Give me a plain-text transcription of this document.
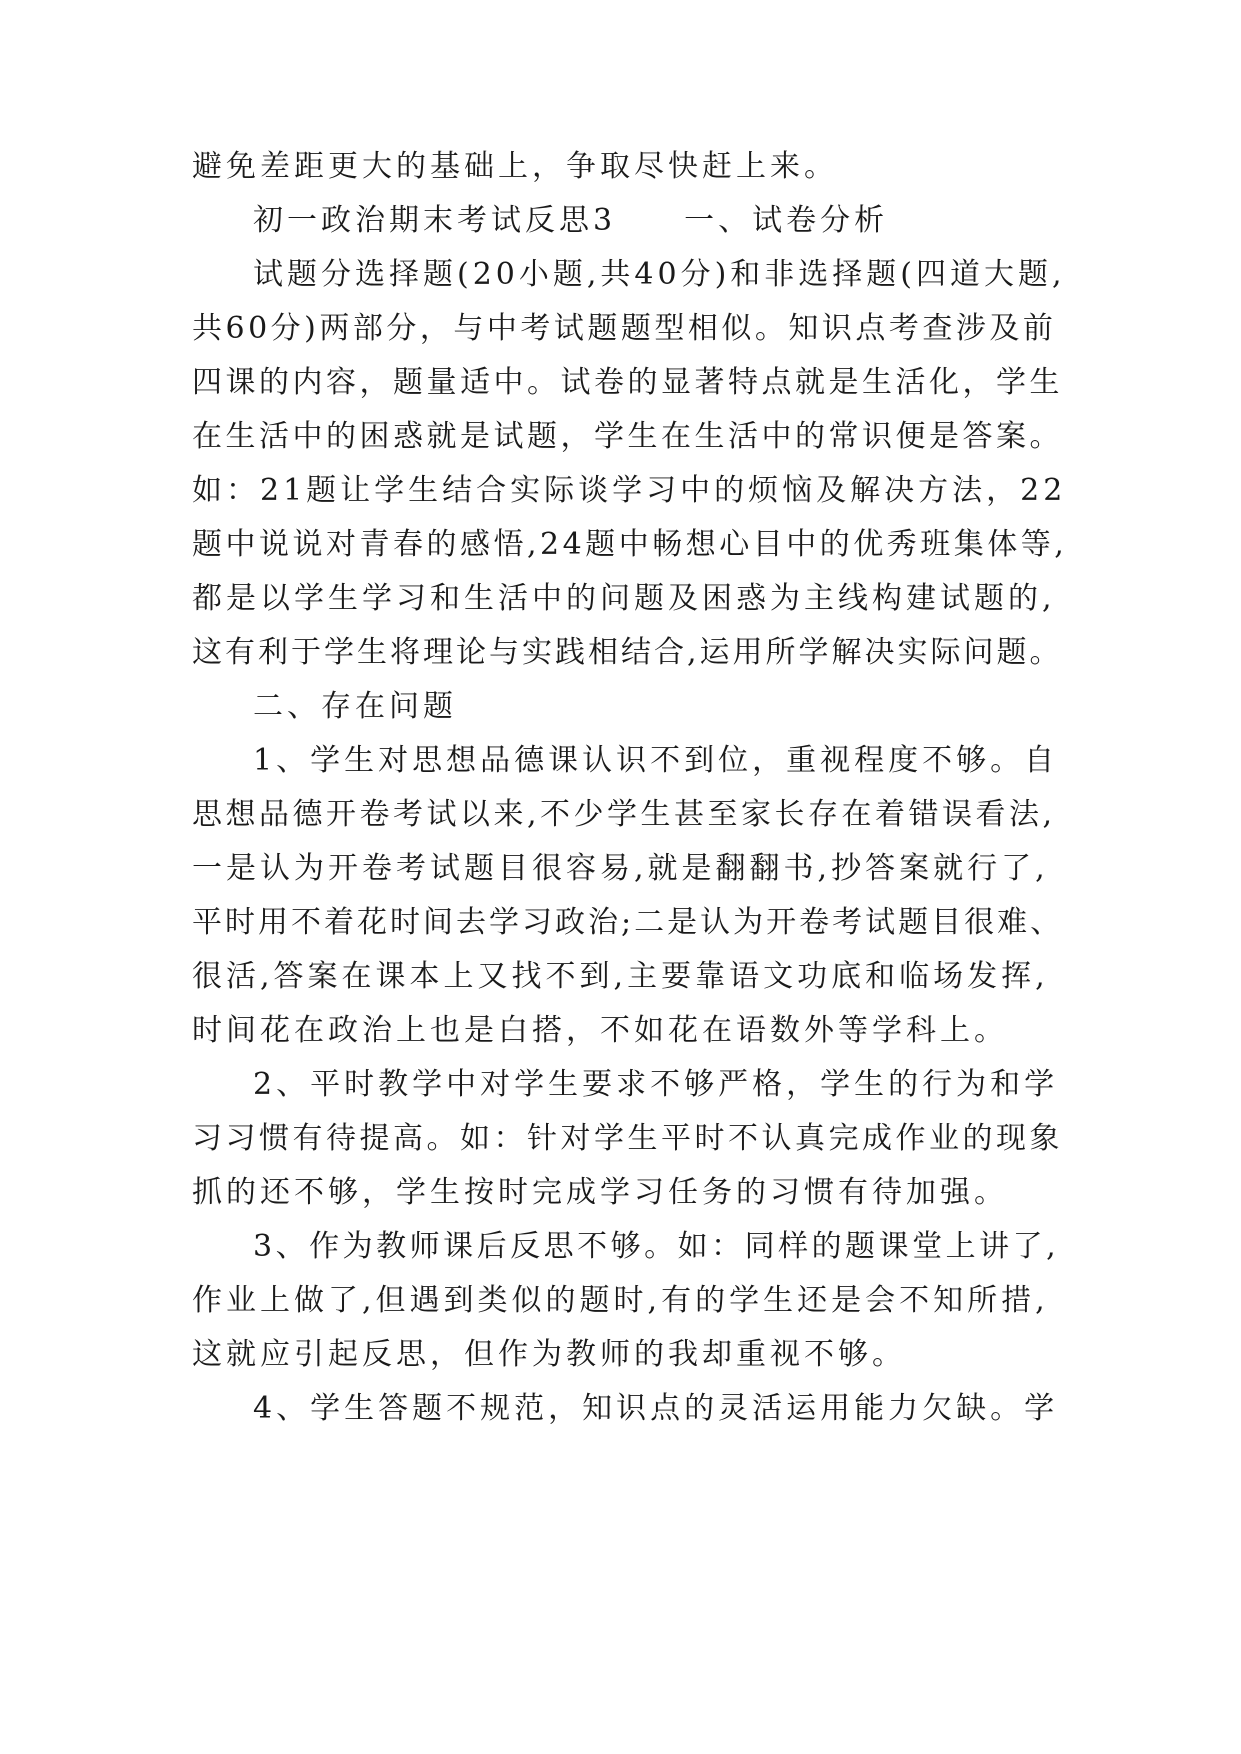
避免差距更大的基础上，争取尽快赶上来。
初一政治期末考试反思3　　一、试卷分析
试题分选择题(20小题,共40分)和非选择题(四道大题,
共60分)两部分，与中考试题题型相似。知识点考查涉及前
四课的内容，题量适中。试卷的显著特点就是生活化，学生
在生活中的困惑就是试题，学生在生活中的常识便是答案。
如：21题让学生结合实际谈学习中的烦恼及解决方法，22
题中说说对青春的感悟,24题中畅想心目中的优秀班集体等,
都是以学生学习和生活中的问题及困惑为主线构建试题的,
这有利于学生将理论与实践相结合,运用所学解决实际问题。
二、存在问题
1、学生对思想品德课认识不到位，重视程度不够。自
思想品德开卷考试以来,不少学生甚至家长存在着错误看法,
一是认为开卷考试题目很容易,就是翻翻书,抄答案就行了,
平时用不着花时间去学习政治;二是认为开卷考试题目很难、
很活,答案在课本上又找不到,主要靠语文功底和临场发挥,
时间花在政治上也是白搭，不如花在语数外等学科上。
2、平时教学中对学生要求不够严格，学生的行为和学
习习惯有待提高。如：针对学生平时不认真完成作业的现象
抓的还不够，学生按时完成学习任务的习惯有待加强。
3、作为教师课后反思不够。如：同样的题课堂上讲了,
作业上做了,但遇到类似的题时,有的学生还是会不知所措,
这就应引起反思，但作为教师的我却重视不够。
4、学生答题不规范，知识点的灵活运用能力欠缺。学
